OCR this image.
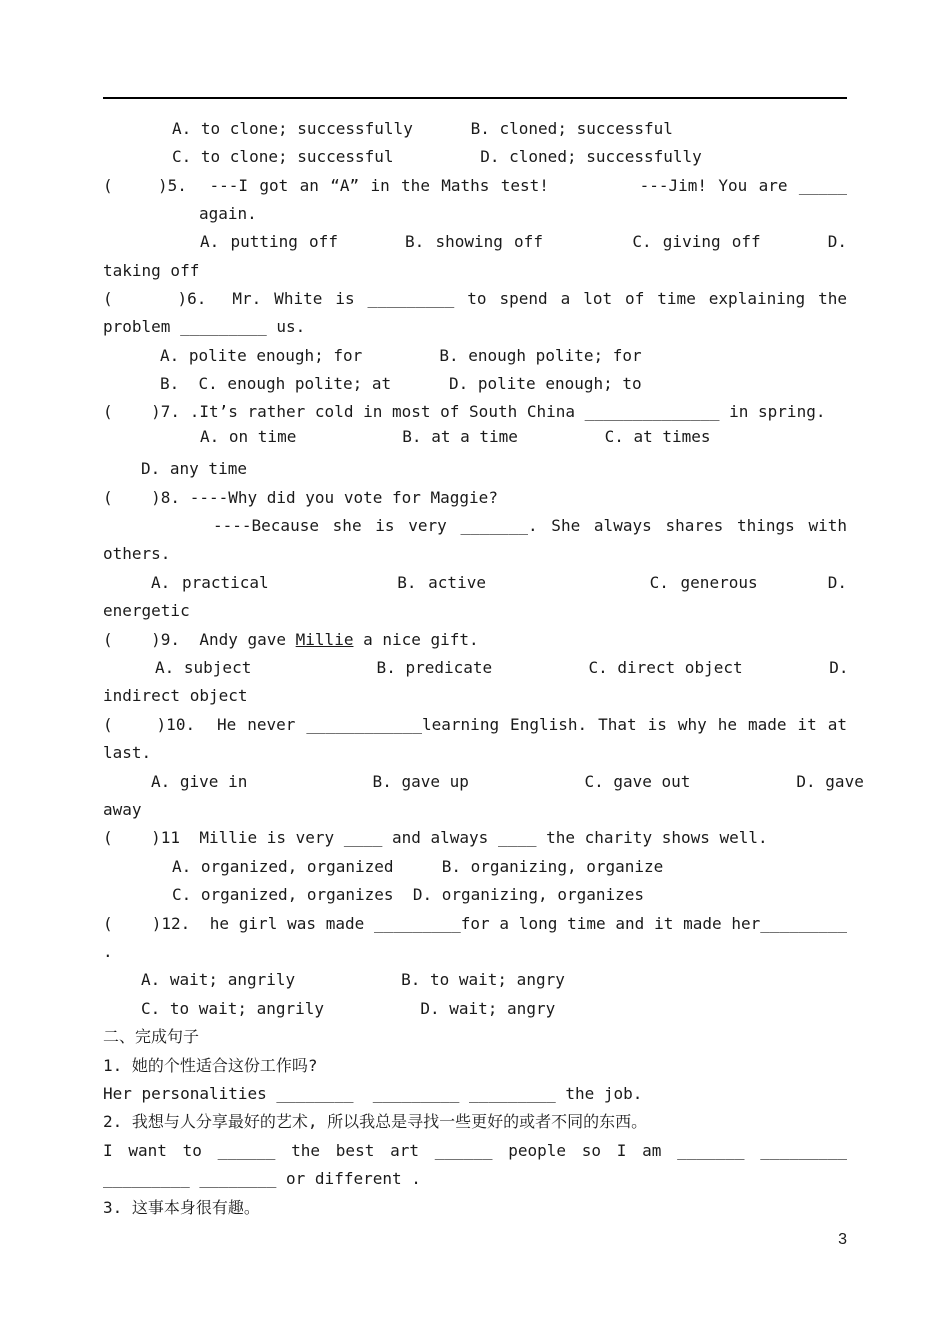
A. to clone; successfully      B. cloned; successful
C. to clone; successful         D. cloned; successfully
(    )5.  ---I got an “A” in the Maths test!        ---Jim! You are _____
again.
A. putting off      B. showing off        C. giving off      D.
taking off
(     )6.  Mr. White is _________ to spend a lot of time explaining the
problem _________ us.
A. polite enough; for        B. enough polite; for
B.  C. enough polite; at      D. polite enough; to
(    )7. .It’s rather cold in most of South China ______________ in spring.
A. on time           B. at a time         C. at times
D. any time
(    )8. ----Why did you vote for Maggie?
----Because she is very _______. She always shares things with
others.
A. practical           B. active              C. generous      D.
energetic
(    )9.  Andy gave Millie a nice gift.
A. subject             B. predicate          C. direct object         D.
indirect object
(    )10.  He never ____________learning English. That is why he made it at
last.
A. give in             B. gave up            C. gave out           D. gave
away
(    )11  Millie is very ____ and always ____ the charity shows well.
A. organized, organized     B. organizing, organize
C. organized, organizes  D. organizing, organizes
(    )12.  he girl was made _________for a long time and it made her_________
.
A. wait; angrily           B. to wait; angry
C. to wait; angrily          D. wait; angry
二、完成句子
1. 她的个性适合这份工作吗?
Her personalities ________  _________ _________ the job.
2. 我想与人分享最好的艺术, 所以我总是寻找一些更好的或者不同的东西。
I want to ______ the best art ______ people so I am _______ _________
_________ ________ or different .
3. 这事本身很有趣。
3
